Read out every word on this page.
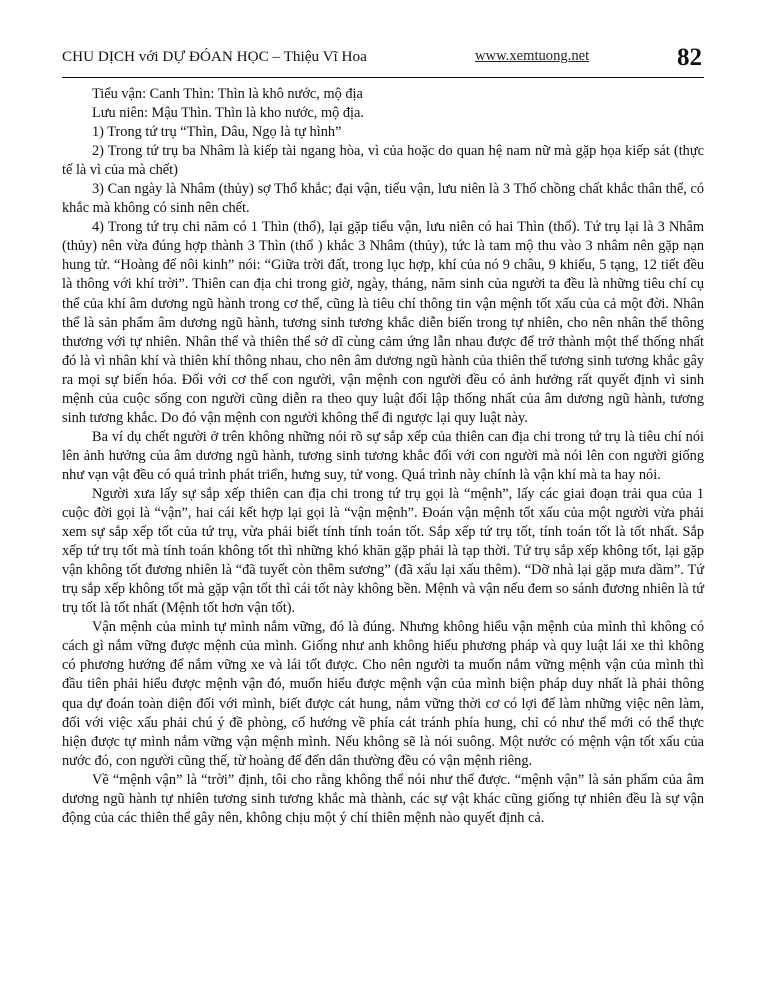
CHU DỊCH với DỰ ĐÓAN HỌC – Thiệu Vĩ Hoa	www.xemtuong.net	82

Tiểu vận: Canh Thìn: Thìn là khô nước, mộ địa

Lưu niên: Mậu Thìn. Thìn là kho nước, mộ địa.

1) Trong tứ trụ “Thìn, Dâu, Ngọ là tự hình”

2) Trong tứ trụ ba Nhâm là kiếp tài ngang hòa, vì của hoặc do quan hệ nam nữ mà gặp họa kiếp sát (thực tế là vì của mà chết)

3) Can ngày là Nhâm (thủy) sợ Thổ khắc; đại vận, tiểu vận, lưu niên là 3 Thổ chồng chất khắc thân thể, có khắc mà không có sinh nên chết.

4) Trong tứ trụ chi năm có 1 Thìn (thổ), lại gặp tiểu vận, lưu niên có hai Thìn (thổ). Tứ trụ lại là 3 Nhâm (thủy) nên vừa đúng hợp thành 3 Thìn (thổ ) khắc 3 Nhâm (thủy), tức là tam mộ thu vào 3 nhâm nên gặp nạn hung tử. “Hoàng đế nôi kinh” nói: “Giữa trời đất, trong lục hợp, khí của nó 9 châu, 9 khiếu, 5 tạng, 12 tiết đều là thông với khí trời”. Thiên can địa chi trong giờ, ngày, tháng, năm sinh của người ta đều là những tiêu chí cụ thể của khí âm dương ngũ hành trong cơ thể, cũng là tiêu chí thông tin vận mệnh tốt xấu của cả một đời. Nhân thể là sản phẩm âm dương ngũ hành, tương sinh tương khắc diễn biến trong tự nhiên, cho nên nhân thể thông thương với tự nhiên. Nhân thể và thiên thể sở dĩ cùng cảm ứng lẫn nhau được để trở thành một thể thống nhất đó là vì nhân khí và thiên khí thông nhau, cho nên âm dương ngũ hành của thiên thể tương sinh tương khắc gây ra mọi sự biến hóa. Đối với cơ thể con người, vận mệnh con người đều có ảnh hưởng rất quyết định vì sinh mệnh của cuộc sống con người cũng diễn ra theo quy luật đối lập thống nhất của âm dương ngũ hành, tương sinh tương khắc. Do đó vận mệnh con người không thể đi ngược lại quy luật này.

Ba ví dụ chết người ở trên không những nói rõ sự sắp xếp của thiên can địa chi trong tứ trụ là tiêu chí nói lên ảnh hưởng của âm dương ngũ hành, tương sinh tương khắc đối với con người mà nói lên con người giống như vạn vật đều có quá trình phát triển, hưng suy, tử vong. Quá trình này chính là vận khí mà ta hay nói.

Người xưa lấy sự sắp xếp thiên can địa chi trong tứ trụ gọi là “mệnh”, lấy các giai đoạn trải qua của 1 cuộc đời gọi là “vận”, hai cái kết hợp lại gọi là “vận mệnh”. Đoán vận mệnh tốt xấu của một người vừa phải xem sự sắp xếp tốt của tứ trụ, vừa phải biết tính tính toán tốt. Sắp xếp tứ trụ tốt, tính toán tốt là tốt nhất. Sắp xếp tứ trụ tốt mà tính toán không tốt thì những khó khăn gặp phải là tạp thời. Tứ trụ sắp xếp không tốt, lại gặp vận không tốt đương nhiên là “đã tuyết còn thêm sương” (đã xấu lại xấu thêm). “Dỡ nhà lại gặp mưa dầm”. Tứ trụ sắp xếp không tốt mà gặp vận tốt thì cái tốt này không bền. Mệnh và vận nếu đem so sánh đương nhiên là tứ trụ tốt là tốt nhất (Mệnh tốt hơn vận tốt).

Vận mệnh của mình tự mình nắm vững, đó là đúng. Nhưng không hiểu vận mệnh của mình thì không có cách gì nắm vững được mệnh của mình. Giống như anh không hiểu phương pháp và quy luật lái xe thì không có phương hướng để nắm vững xe và lái tốt được. Cho nên người ta muốn nắm vững mệnh vận của mình thì đầu tiên phải hiểu được mệnh vận đó, muốn hiểu được mệnh vận của mình biện pháp duy nhất là phải thông qua dự đoán toàn diện đối với mình, biết được cát hung, nắm vững thời cơ có lợi để làm những việc nên làm, đối với việc xấu phải chú ý đề phòng, cố hướng về phía cát tránh phía hung, chỉ có như thế mới có thể thực hiện được tự mình nắm vững vận mệnh mình. Nếu không sẽ là nói suông. Một nước có mệnh vận tốt xấu của nước đó, con người cũng thế, từ hoàng đế đến dân thường đều có vận mệnh riêng.

Về “mệnh vận” là “trời” định, tôi cho rằng không thể nói như thế được. “mệnh vận” là sản phẩm của âm dương ngũ hành tự nhiên tương sinh tương khắc mà thành, các sự vật khác cũng giống tự nhiên đều là sự vận động của các thiên thể gây nên, không chịu một ý chí thiên mệnh nào quyết định cả.
